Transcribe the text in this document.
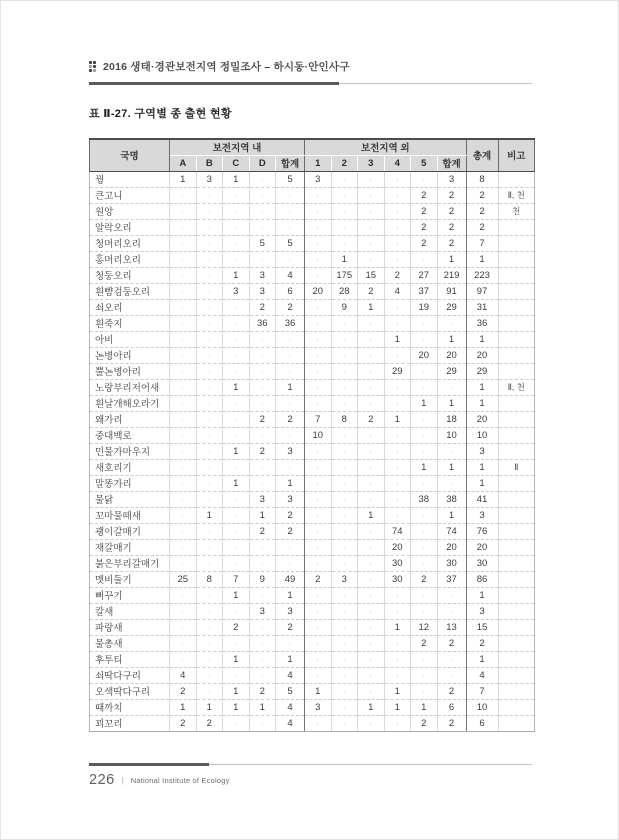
2016 생태·경관보전지역 정밀조사 – 하시동·안인사구
표 Ⅱ-27. 구역별 종 출현 현황
국명	보전지역 내					보전지역 외						총계	비고
	A	B	C	D	합계	1	2	3	4	5	합계		
꿩	1	3	1	·	5	3	·	·	·	·	3	8	
큰고니	·	·	·	·	·	·	·	·	·	2	2	2	Ⅱ, 천
원앙	·	·	·	·	·	·	·	·	·	2	2	2	천
알락오리	·	·	·	·	·	·	·	·	·	2	2	2	
청머리오리	·	·	·	5	5	·	·	·	·	2	2	7	
홍머리오리	·	·	·	·	·	·	1	·	·	·	1	1	
청둥오리	·	·	1	3	4	·	175	15	2	27	219	223	
흰뺨검둥오리	·	·	3	3	6	20	28	2	4	37	91	97	
쇠오리	·	·	·	2	2	·	9	1	·	19	29	31	
흰죽지	·	·	·	36	36	·	·	·	·	·	·	36	
아비	·	·	·	·	·	·	·	·	1	·	1	1	
논병아리	·	·	·	·	·	·	·	·	·	20	20	20	
뿔논병아리	·	·	·	·	·	·	·	·	29	·	29	29	
노랑부리저어새	·	·	1	·	1	·	·	·	·	·	·	1	Ⅱ, 천
흰날개해오라기	·	·	·	·	·	·	·	·	·	1	1	1	
왜가리	·	·	·	2	2	7	8	2	1	·	18	20	
중대백로	·	·	·	·	·	10	·	·	·	·	10	10	
민물가마우지	·	·	1	2	3	·	·	·	·	·	·	3	
새호리기	·	·	·	·	·	·	·	·	·	1	1	1	Ⅱ
말똥가리	·	·	1	·	1	·	·	·	·	·	·	1	
물닭	·	·	·	3	3	·	·	·	·	38	38	41	
꼬마물떼새	·	1	·	1	2	·	·	1	·	·	1	3	
괭이갈매기	·	·	·	2	2	·	·	·	74	·	74	76	
재갈매기	·	·	·	·	·	·	·	·	20	·	20	20	
붉은부리갈매기	·	·	·	·	·	·	·	·	30	·	30	30	
멧비둘기	25	8	7	9	49	2	3	·	30	2	37	86	
뻐꾸기	·	·	1	·	1	·	·	·	·	·	·	1	
칼새	·	·	·	3	3	·	·	·	·	·	·	3	
파랑새	·	·	2	·	2	·	·	·	1	12	13	15	
물총새	·	·	·	·	·	·	·	·	·	2	2	2	
후투티	·	·	1	·	1	·	·	·	·	·	·	1	
쇠딱다구리	4	·	·	·	4	·	·	·	·	·	·	4	
오색딱다구리	2	·	1	2	5	1	·	·	1	·	2	7	
때까치	1	1	1	1	4	3	·	1	1	1	6	10	
꾀꼬리	2	2	·	·	4	·	·	·	·	2	2	6	
226 | National Institute of Ecology
